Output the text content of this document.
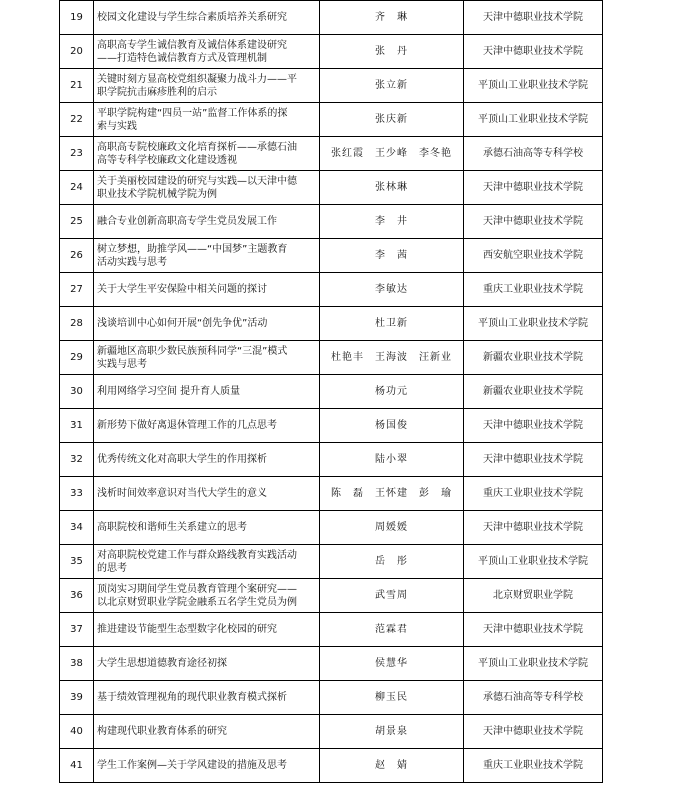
19	校园文化建设与学生综合素质培养关系研究	齐　琳	天津中德职业技术学院
20	高职高专学生诚信教育及诚信体系建设研究
——打造特色诚信教育方式及管理机制	张　丹	天津中德职业技术学院
21	关键时刻方显高校党组织凝聚力战斗力——平
职学院抗击麻疹胜利的启示	张立新	平顶山工业职业技术学院
22	平职学院构建“四员一站”监督工作体系的探
索与实践	张庆新	平顶山工业职业技术学院
23	高职高专院校廉政文化培育探析——承德石油
高等专科学校廉政文化建设透视	张红霞　王少峰　李冬艳	承德石油高等专科学校
24	关于美丽校园建设的研究与实践—以天津中德
职业技术学院机械学院为例	张林琳	天津中德职业技术学院
25	融合专业创新高职高专学生党员发展工作	李　井	天津中德职业技术学院
26	树立梦想，助推学风——“中国梦”主题教育
活动实践与思考	李　茜	西安航空职业技术学院
27	关于大学生平安保险中相关问题的探讨	李敏达	重庆工业职业技术学院
28	浅谈培训中心如何开展“创先争优”活动	杜卫新	平顶山工业职业技术学院
29	新疆地区高职少数民族预科同学“三混”模式
实践与思考	杜艳丰　王海波　汪新业	新疆农业职业技术学院
30	利用网络学习空间 提升育人质量	杨功元	新疆农业职业技术学院
31	新形势下做好离退休管理工作的几点思考	杨国俊	天津中德职业技术学院
32	优秀传统文化对高职大学生的作用探析	陆小翠	天津中德职业技术学院
33	浅析时间效率意识对当代大学生的意义	陈　磊　王怀建　彭　瑜	重庆工业职业技术学院
34	高职院校和谐师生关系建立的思考	周媛媛	天津中德职业技术学院
35	对高职院校党建工作与群众路线教育实践活动
的思考	岳　彤	平顶山工业职业技术学院
36	顶岗实习期间学生党员教育管理个案研究——
以北京财贸职业学院金融系五名学生党员为例	武雪周	北京财贸职业学院
37	推进建设节能型生态型数字化校园的研究	范霖君	天津中德职业技术学院
38	大学生思想道德教育途径初探	侯慧华	平顶山工业职业技术学院
39	基于绩效管理视角的现代职业教育模式探析	柳玉民	承德石油高等专科学校
40	构建现代职业教育体系的研究	胡景泉	天津中德职业技术学院
41	学生工作案例—关于学风建设的措施及思考	赵　婧	重庆工业职业技术学院
